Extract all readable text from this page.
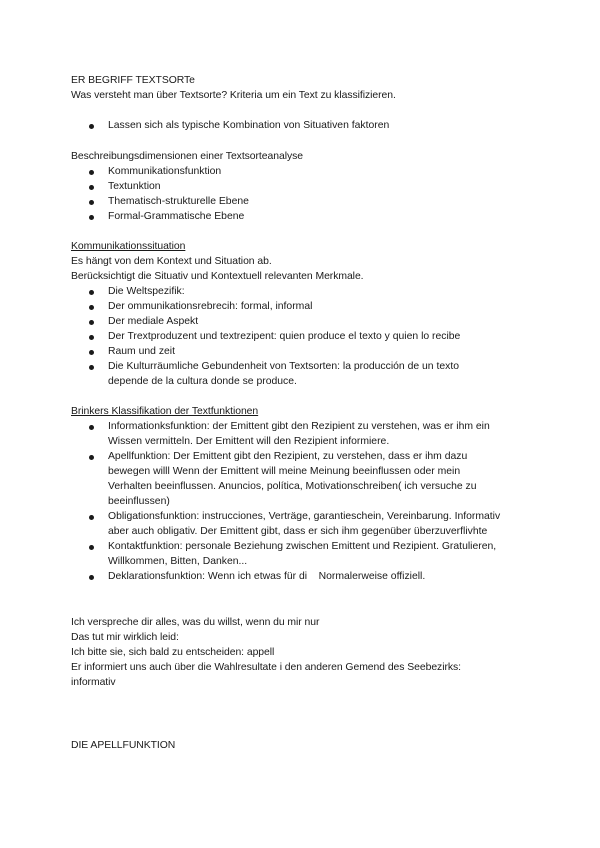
ER BEGRIFF TEXTSORTe
Was versteht man über Textsorte? Kriteria um ein Text zu klassifizieren.
Lassen sich als typische Kombination von Situativen faktoren
Beschreibungsdimensionen einer Textsorteanalyse
Kommunikationsfunktion
Textunktion
Thematisch-strukturelle Ebene
Formal-Grammatische Ebene
Kommunikationssituation
Es hängt von dem Kontext und Situation ab.
Berücksichtigt die Situativ und Kontextuell relevanten Merkmale.
Die Weltspezifik:
Der ommunikationsrebrecih: formal, informal
Der mediale Aspekt
Der Trextproduzent und textrezipent: quien produce el texto y quien lo recibe
Raum und zeit
Die Kulturräumliche Gebundenheit von Textsorten: la producción de un texto
depende de la cultura donde se produce.
Brinkers Klassifikation der Textfunktionen
Informationksfunktion: der Emittent gibt den Rezipient zu verstehen, was er ihm ein
Wissen vermitteln. Der Emittent will den Rezipient informiere.
Apellfunktion: Der Emittent gibt den Rezipient, zu verstehen, dass er ihm dazu
bewegen willl Wenn der Emittent will meine Meinung beeinflussen oder mein
Verhalten beeinflussen. Anuncios, política, Motivationschreiben( ich versuche zu
beeinflussen)
Obligationsfunktion: instrucciones, Verträge, garantieschein, Vereinbarung. Informativ
aber auch obligativ. Der Emittent gibt, dass er sich ihm gegenüber überzuverflivhte
Kontaktfunktion: personale Beziehung zwischen Emittent und Rezipient. Gratulieren,
Willkommen, Bitten, Danken...
Deklarationsfunktion: Wenn ich etwas für di    Normalerweise offiziell.
Ich verspreche dir alles, was du willst, wenn du mir nur
Das tut mir wirklich leid:
Ich bitte sie, sich bald zu entscheiden: appell
Er informiert uns auch über die Wahlresultate i den anderen Gemend des Seebezirks:
informativ
DIE APELLFUNKTION
